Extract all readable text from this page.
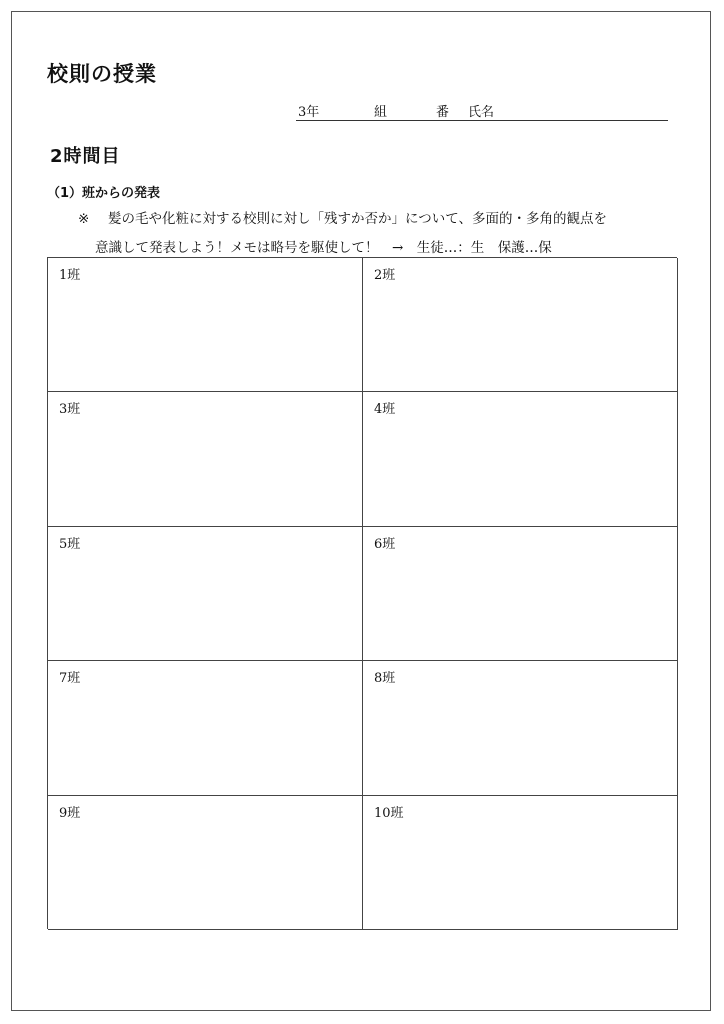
校則の授業
3年	組	番 氏名
2時間目
（1）班からの発表
※ 髪の毛や化粧に対する校則に対し「残すか否か」について、多面的・多角的観点を
意識して発表しよう！メモは略号を駆使して！　→　生徒…：生　保護…保
1班	2班
3班	4班
5班	6班
7班	8班
9班	10班
